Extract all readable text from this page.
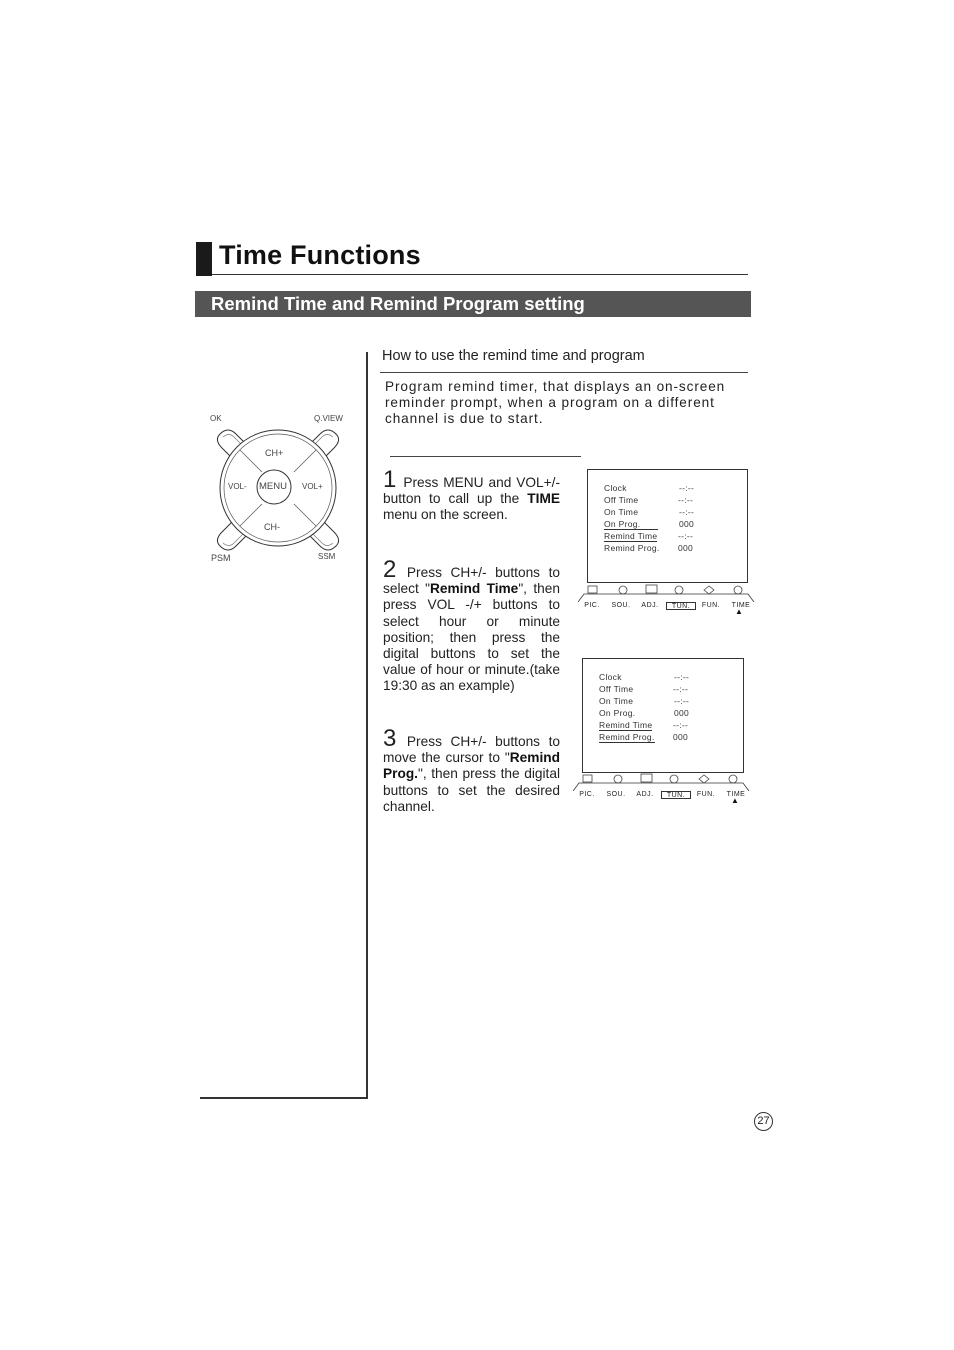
Time Functions
Remind Time and Remind Program setting
OK	Q.VIEW
CH+
CH-
VOL-	VOL+
MENU
PSM	SSM
How to use the remind time and program
Program remind timer, that displays an on-screen reminder prompt, when a program on a different channel is due to start.
1 Press MENU and VOL+/- button to call up the TIME menu on the screen.
2 Press CH+/- buttons to select "Remind Time", then press VOL -/+ buttons to select hour or minute position; then press the digital buttons to set the value of hour or minute.(take 19:30 as an example)
3 Press CH+/- buttons to move the cursor to "Remind Prog.", then press the digital buttons to set the desired channel.
Clock	--:--
Off Time	--:--
On Time	--:--
On Prog.	000
Remind Time --:--
Remind Prog. 000
PIC.	SOU.	ADJ.	TUN.	FUN.	TIME
▲
Clock	--:--
Off Time	--:--
On Time	--:--
On Prog.	000
Remind Time --:--
Remind Prog. 000
PIC.	SOU.	ADJ.	TUN.	FUN.	TIME
▲
27
